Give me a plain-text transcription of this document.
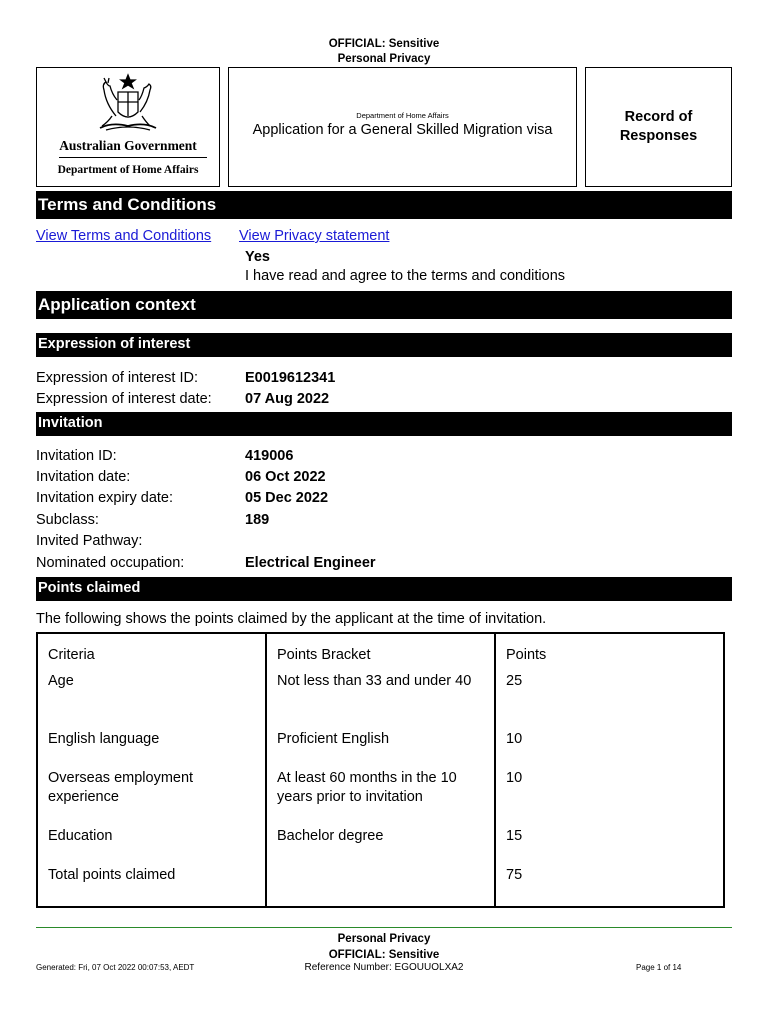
OFFICIAL: Sensitive
Personal Privacy
Australian Government
Department of Home Affairs
Department of Home Affairs
Application for a General Skilled Migration visa
Record of Responses
Terms and Conditions
View Terms and Conditions View Privacy statement
Yes
I have read and agree to the terms and conditions
Application context
Expression of interest
Expression of interest ID:	E0019612341
Expression of interest date: 07 Aug 2022
Invitation
Invitation ID:	419006
Invitation date:	06 Oct 2022
Invitation expiry date:	05 Dec 2022
Subclass:	189
Invited Pathway:
Nominated occupation:	Electrical Engineer
Points claimed
The following shows the points claimed by the applicant at the time of invitation.
Criteria	Points Bracket	Points
Age	Not less than 33 and under 40	25
English language	Proficient English	10
Overseas employment experience	At least 60 months in the 10 years prior to invitation	10
Education	Bachelor degree	15
Total points claimed		75
Personal Privacy
OFFICIAL: Sensitive
Generated: Fri, 07 Oct 2022 00:07:53, AEDT	Reference Number: EGOUUOLXA2	Page 1 of 14
